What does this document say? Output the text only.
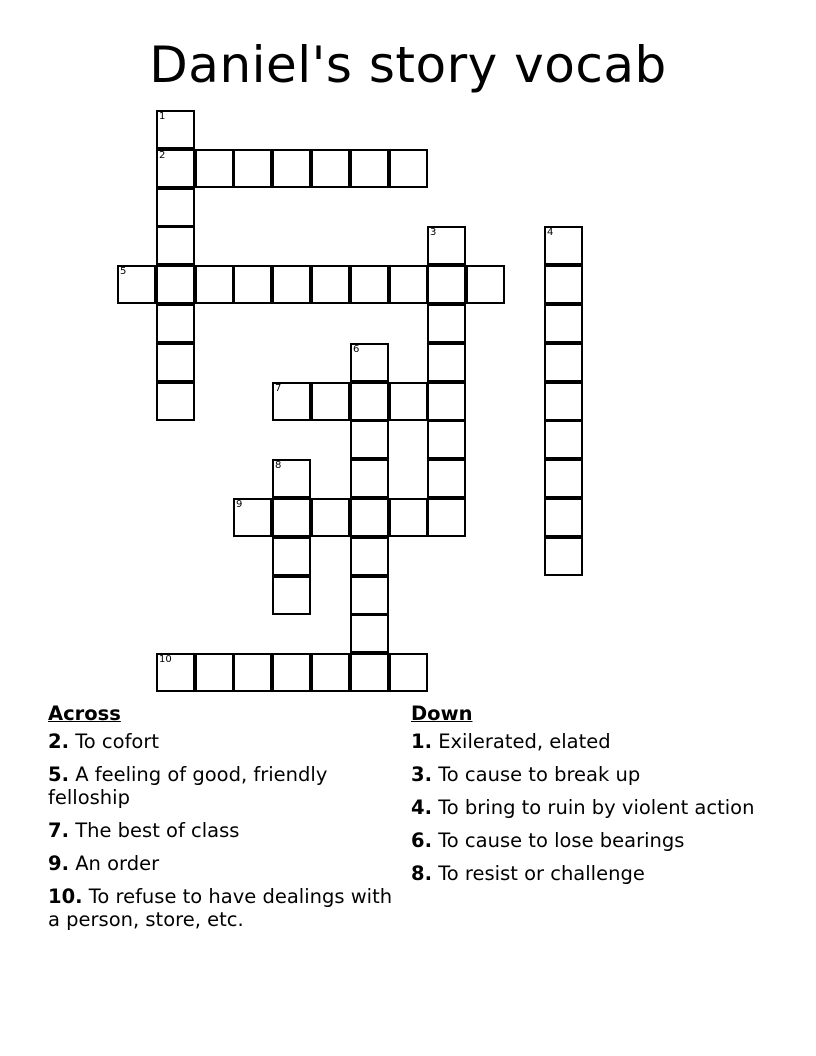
Daniel's story vocab
1
2
3	4
5
6
7
8
9
10
Across
2. To cofort
5. A feeling of good, friendly felloship
7. The best of class
9. An order
10. To refuse to have dealings with a person, store, etc.
Down
1. Exilerated, elated
3. To cause to break up
4. To bring to ruin by violent action
6. To cause to lose bearings
8. To resist or challenge
